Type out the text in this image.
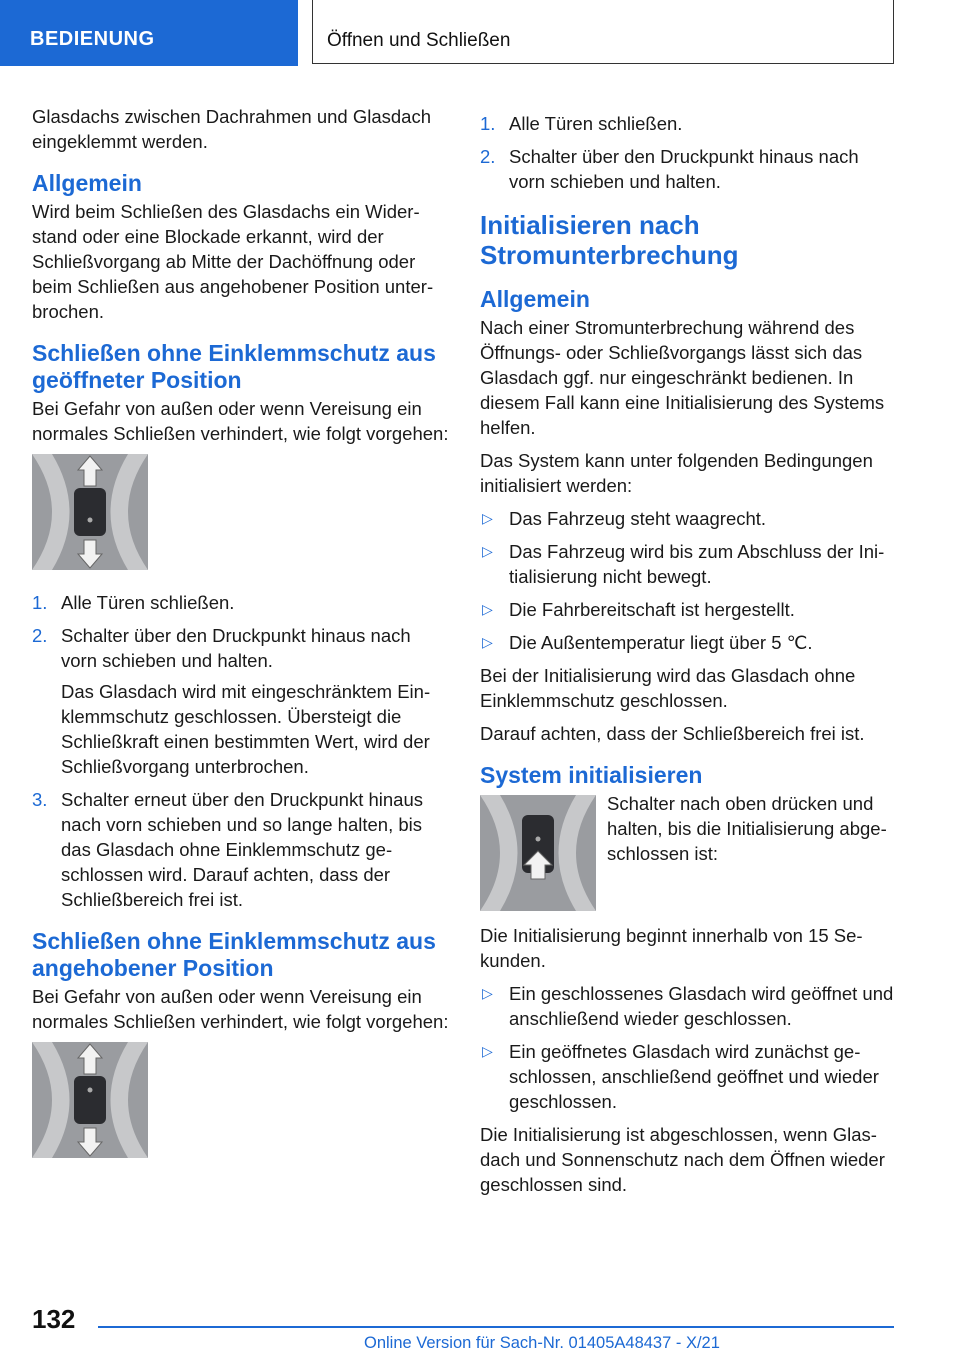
BEDIENUNG	Öffnen und Schließen

Glasdachs zwischen Dachrahmen und Glasdach eingeklemmt werden.

Allgemein

Wird beim Schließen des Glasdachs ein Widerstand oder eine Blockade erkannt, wird der Schließvorgang ab Mitte der Dachöffnung oder beim Schließen aus angehobener Position unterbrochen.

Schließen ohne Einklemmschutz aus geöffneter Position

Bei Gefahr von außen oder wenn Vereisung ein normales Schließen verhindert, wie folgt vorgehen:

1. Alle Türen schließen.
2. Schalter über den Druckpunkt hinaus nach vorn schieben und halten.
Das Glasdach wird mit eingeschränktem Einklemmschutz geschlossen. Übersteigt die Schließkraft einen bestimmten Wert, wird der Schließvorgang unterbrochen.
3. Schalter erneut über den Druckpunkt hinaus nach vorn schieben und so lange halten, bis das Glasdach ohne Einklemmschutz geschlossen wird. Darauf achten, dass der Schließbereich frei ist.
Schließen ohne Einklemmschutz aus angehobener Position

Bei Gefahr von außen oder wenn Vereisung ein normales Schließen verhindert, wie folgt vorgehen:

1. Alle Türen schließen.
2. Schalter über den Druckpunkt hinaus nach vorn schieben und halten.
Initialisieren nach Stromunterbrechung
Allgemein

Nach einer Stromunterbrechung während des Öffnungs- oder Schließvorgangs lässt sich das Glasdach ggf. nur eingeschränkt bedienen. In diesem Fall kann eine Initialisierung des Systems helfen.

Das System kann unter folgenden Bedingungen initialisiert werden:

▷ Das Fahrzeug steht waagrecht.
▷ Das Fahrzeug wird bis zum Abschluss der Initialisierung nicht bewegt.
▷ Die Fahrbereitschaft ist hergestellt.
▷ Die Außentemperatur liegt über 5 ℃.

Bei der Initialisierung wird das Glasdach ohne Einklemmschutz geschlossen.

Darauf achten, dass der Schließbereich frei ist.

System initialisieren

Schalter nach oben drücken und halten, bis die Initialisierung abgeschlossen ist:

Die Initialisierung beginnt innerhalb von 15 Sekunden.

▷ Ein geschlossenes Glasdach wird geöffnet und anschließend wieder geschlossen.
▷ Ein geöffnetes Glasdach wird zunächst geschlossen, anschließend geöffnet und wieder geschlossen.

Die Initialisierung ist abgeschlossen, wenn Glasdach und Sonnenschutz nach dem Öffnen wieder geschlossen sind.

132
Online Version für Sach-Nr. 01405A48437 - X/21
